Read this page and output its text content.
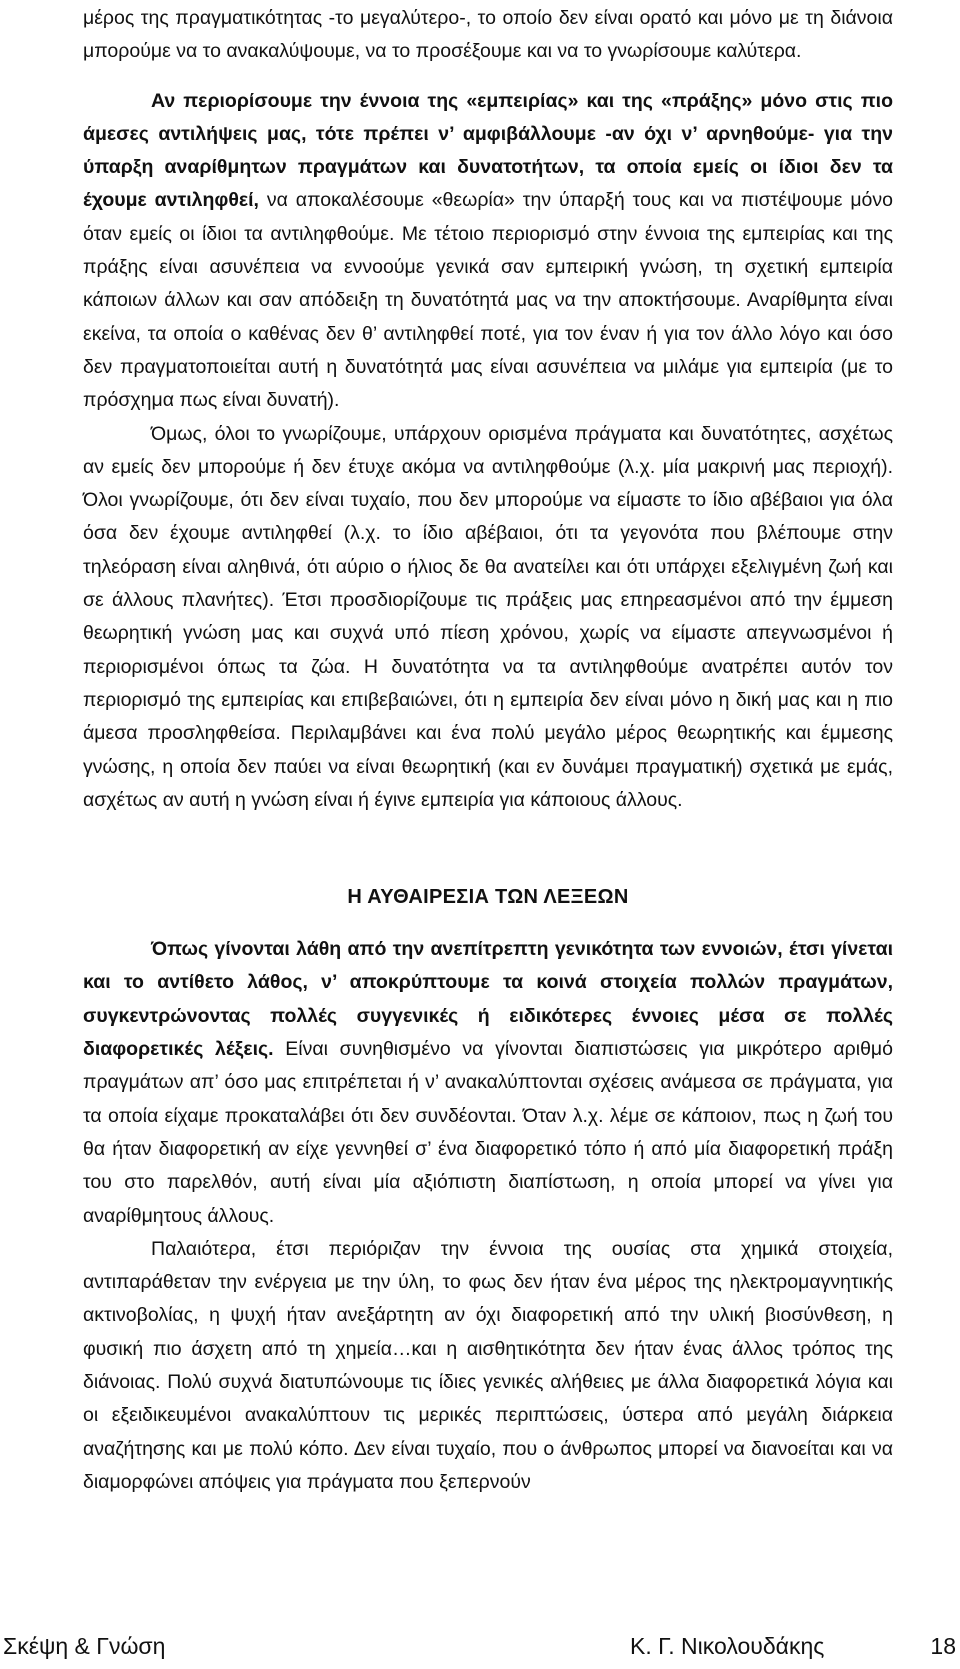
μέρος της πραγματικότητας -το μεγαλύτερο-, το οποίο δεν είναι ορατό και μόνο με τη διάνοια μπορούμε να το ανακαλύψουμε, να το προσέξουμε και να το γνωρίσουμε καλύτερα.

Αν περιορίσουμε την έννοια της «εμπειρίας» και της «πράξης» μόνο στις πιο άμεσες αντιλήψεις μας, τότε πρέπει ν’ αμφιβάλλουμε -αν όχι ν’ αρνηθούμε- για την ύπαρξη αναρίθμητων πραγμάτων και δυνατοτήτων, τα οποία εμείς οι ίδιοι δεν τα έχουμε αντιληφθεί, να αποκαλέσουμε «θεωρία» την ύπαρξή τους και να πιστέψουμε μόνο όταν εμείς οι ίδιοι τα αντιληφθούμε. Με τέτοιο περιορισμό στην έννοια της εμπειρίας και της πράξης είναι ασυνέπεια να εννοούμε γενικά σαν εμπειρική γνώση, τη σχετική εμπειρία κάποιων άλλων και σαν απόδειξη τη δυνατότητά μας να την αποκτήσουμε. Αναρίθμητα είναι εκείνα, τα οποία ο καθένας δεν θ’ αντιληφθεί ποτέ, για τον έναν ή για τον άλλο λόγο και όσο δεν πραγματοποιείται αυτή η δυνατότητά μας είναι ασυνέπεια να μιλάμε για εμπειρία (με το πρόσχημα πως είναι δυνατή).

Όμως, όλοι το γνωρίζουμε, υπάρχουν ορισμένα πράγματα και δυνατότητες, ασχέτως αν εμείς δεν μπορούμε ή δεν έτυχε ακόμα να αντιληφθούμε (λ.χ. μία μακρινή μας περιοχή). Όλοι γνωρίζουμε, ότι δεν είναι τυχαίο, που δεν μπορούμε να είμαστε το ίδιο αβέβαιοι για όλα όσα δεν έχουμε αντιληφθεί (λ.χ. το ίδιο αβέβαιοι, ότι τα γεγονότα που βλέπουμε στην τηλεόραση είναι αληθινά, ότι αύριο ο ήλιος δε θα ανατείλει και ότι υπάρχει εξελιγμένη ζωή και σε άλλους πλανήτες). Έτσι προσδιορίζουμε τις πράξεις μας επηρεασμένοι από την έμμεση θεωρητική γνώση μας και συχνά υπό πίεση χρόνου, χωρίς να είμαστε απεγνωσμένοι ή περιορισμένοι όπως τα ζώα. Η δυνατότητα να τα αντιληφθούμε ανατρέπει αυτόν τον περιορισμό της εμπειρίας και επιβεβαιώνει, ότι η εμπειρία δεν είναι μόνο η δική μας και η πιο άμεσα προσληφθείσα. Περιλαμβάνει και ένα πολύ μεγάλο μέρος θεωρητικής και έμμεσης γνώσης, η οποία δεν παύει να είναι θεωρητική (και εν δυνάμει πραγματική) σχετικά με εμάς, ασχέτως αν αυτή η γνώση είναι ή έγινε εμπειρία για κάποιους άλλους.

Η ΑΥΘΑΙΡΕΣΙΑ ΤΩΝ ΛΕΞΕΩΝ

Όπως γίνονται λάθη από την ανεπίτρεπτη γενικότητα των εννοιών, έτσι γίνεται και το αντίθετο λάθος, ν’ αποκρύπτουμε τα κοινά στοιχεία πολλών πραγμάτων, συγκεντρώνοντας πολλές συγγενικές ή ειδικότερες έννοιες μέσα σε πολλές διαφορετικές λέξεις. Είναι συνηθισμένο να γίνονται διαπιστώσεις για μικρότερο αριθμό πραγμάτων απ’ όσο μας επιτρέπεται ή ν’ ανακαλύπτονται σχέσεις ανάμεσα σε πράγματα, για τα οποία είχαμε προκαταλάβει ότι δεν συνδέονται. Όταν λ.χ. λέμε σε κάποιον, πως η ζωή του θα ήταν διαφορετική αν είχε γεννηθεί σ’ ένα διαφορετικό τόπο ή από μία διαφορετική πράξη του στο παρελθόν, αυτή είναι μία αξιόπιστη διαπίστωση, η οποία μπορεί να γίνει για αναρίθμητους άλλους.

Παλαιότερα, έτσι περιόριζαν την έννοια της ουσίας στα χημικά στοιχεία, αντιπαράθεταν την ενέργεια με την ύλη, το φως δεν ήταν ένα μέρος της ηλεκτρομαγνητικής ακτινοβολίας, η ψυχή ήταν ανεξάρτητη αν όχι διαφορετική από την υλική βιοσύνθεση, η φυσική πιο άσχετη από τη χημεία…και η αισθητικότητα δεν ήταν ένας άλλος τρόπος της διάνοιας. Πολύ συχνά διατυπώνουμε τις ίδιες γενικές αλήθειες με άλλα διαφορετικά λόγια και οι εξειδικευμένοι ανακαλύπτουν τις μερικές περιπτώσεις, ύστερα από μεγάλη διάρκεια αναζήτησης και με πολύ κόπο. Δεν είναι τυχαίο, που ο άνθρωπος μπορεί να διανοείται και να διαμορφώνει απόψεις για πράγματα που ξεπερνούν

Σκέψη & Γνώση	Κ. Γ. Νικολουδάκης	18
